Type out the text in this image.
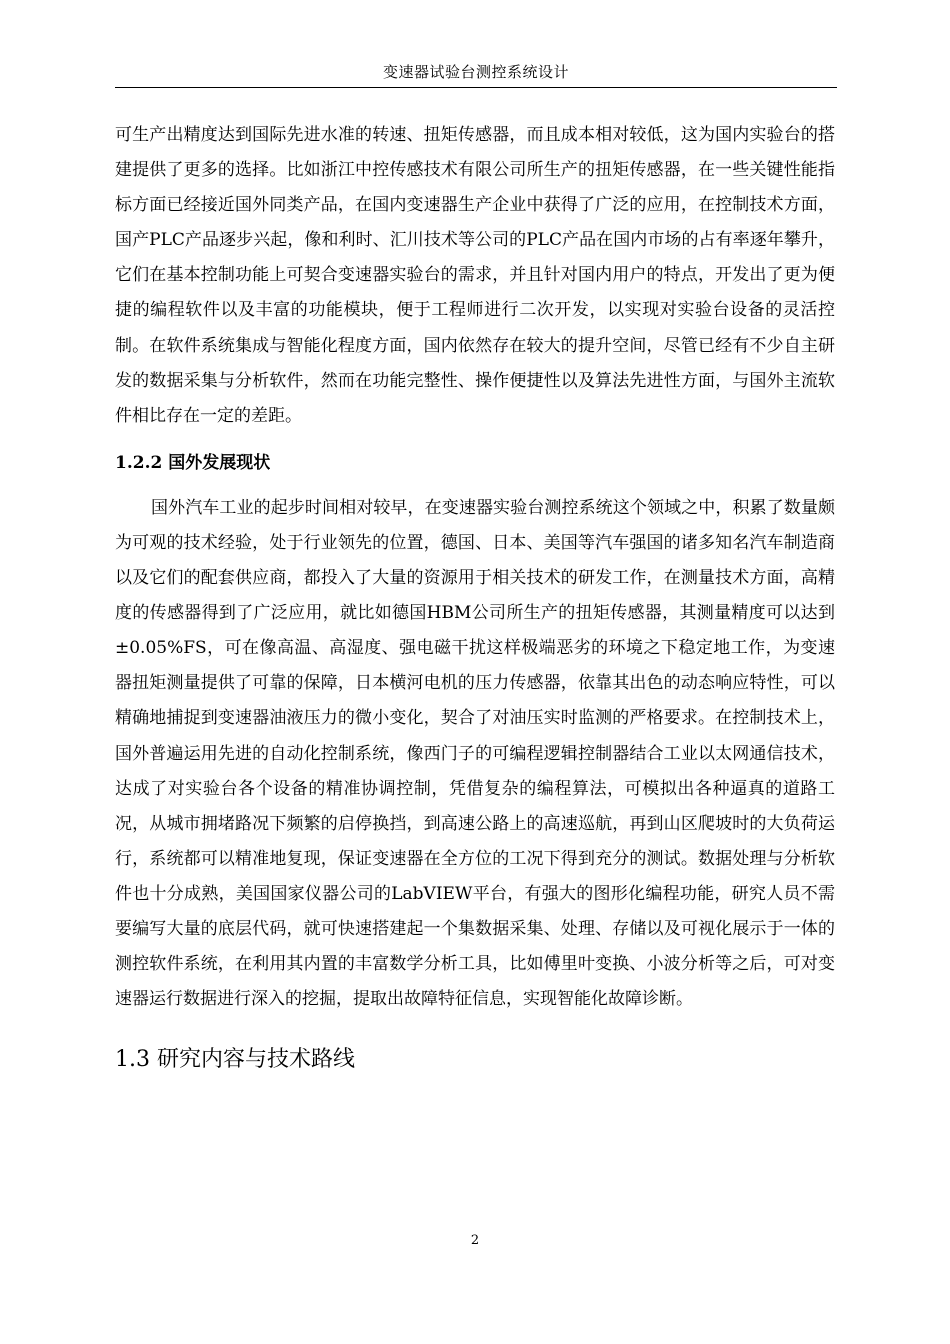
变速器试验台测控系统设计

可生产出精度达到国际先进水准的转速、扭矩传感器，而且成本相对较低，这为国内实验台的搭建提供了更多的选择。比如浙江中控传感技术有限公司所生产的扭矩传感器，在一些关键性能指标方面已经接近国外同类产品，在国内变速器生产企业中获得了广泛的应用，在控制技术方面，国产PLC产品逐步兴起，像和利时、汇川技术等公司的PLC产品在国内市场的占有率逐年攀升，它们在基本控制功能上可契合变速器实验台的需求，并且针对国内用户的特点，开发出了更为便捷的编程软件以及丰富的功能模块，便于工程师进行二次开发，以实现对实验台设备的灵活控制。在软件系统集成与智能化程度方面，国内依然存在较大的提升空间，尽管已经有不少自主研发的数据采集与分析软件，然而在功能完整性、操作便捷性以及算法先进性方面，与国外主流软件相比存在一定的差距。

1.2.2 国外发展现状

国外汽车工业的起步时间相对较早，在变速器实验台测控系统这个领域之中，积累了数量颇为可观的技术经验，处于行业领先的位置，德国、日本、美国等汽车强国的诸多知名汽车制造商以及它们的配套供应商，都投入了大量的资源用于相关技术的研发工作，在测量技术方面，高精度的传感器得到了广泛应用，就比如德国HBM公司所生产的扭矩传感器，其测量精度可以达到±0.05%FS，可在像高温、高湿度、强电磁干扰这样极端恶劣的环境之下稳定地工作，为变速器扭矩测量提供了可靠的保障，日本横河电机的压力传感器，依靠其出色的动态响应特性，可以精确地捕捉到变速器油液压力的微小变化，契合了对油压实时监测的严格要求。在控制技术上，国外普遍运用先进的自动化控制系统，像西门子的可编程逻辑控制器结合工业以太网通信技术，达成了对实验台各个设备的精准协调控制，凭借复杂的编程算法，可模拟出各种逼真的道路工况，从城市拥堵路况下频繁的启停换挡，到高速公路上的高速巡航，再到山区爬坡时的大负荷运行，系统都可以精准地复现，保证变速器在全方位的工况下得到充分的测试。数据处理与分析软件也十分成熟，美国国家仪器公司的LabVIEW平台，有强大的图形化编程功能，研究人员不需要编写大量的底层代码，就可快速搭建起一个集数据采集、处理、存储以及可视化展示于一体的测控软件系统，在利用其内置的丰富数学分析工具，比如傅里叶变换、小波分析等之后，可对变速器运行数据进行深入的挖掘，提取出故障特征信息，实现智能化故障诊断。

1.3 研究内容与技术路线
2
